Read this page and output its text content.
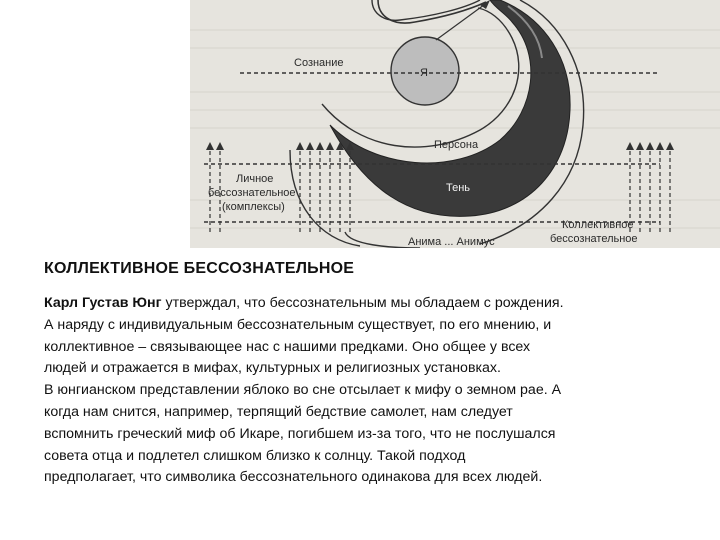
Я
Сознание
Персона
Тень
Личное
бессознательное
(комплексы)
Анима ... Анимус
Коллективное
бессознательное
КОЛЛЕКТИВНОЕ БЕССОЗНАТЕЛЬНОЕ
Карл Густав Юнг утверждал, что бессознательным мы обладаем с рождения.
А наряду с индивидуальным бессознательным существует, по его мнению, и
коллективное – связывающее нас с нашими предками. Оно общее у всех
людей и отражается в мифах, культурных и религиозных установках.
В юнгианском представлении яблоко во сне отсылает к мифу о земном рае. А
когда нам снится, например, терпящий бедствие самолет, нам следует
вспомнить греческий миф об Икаре, погибшем из-за того, что не послушался
совета отца и подлетел слишком близко к солнцу. Такой подход
предполагает, что символика бессознательного одинакова для всех людей.
